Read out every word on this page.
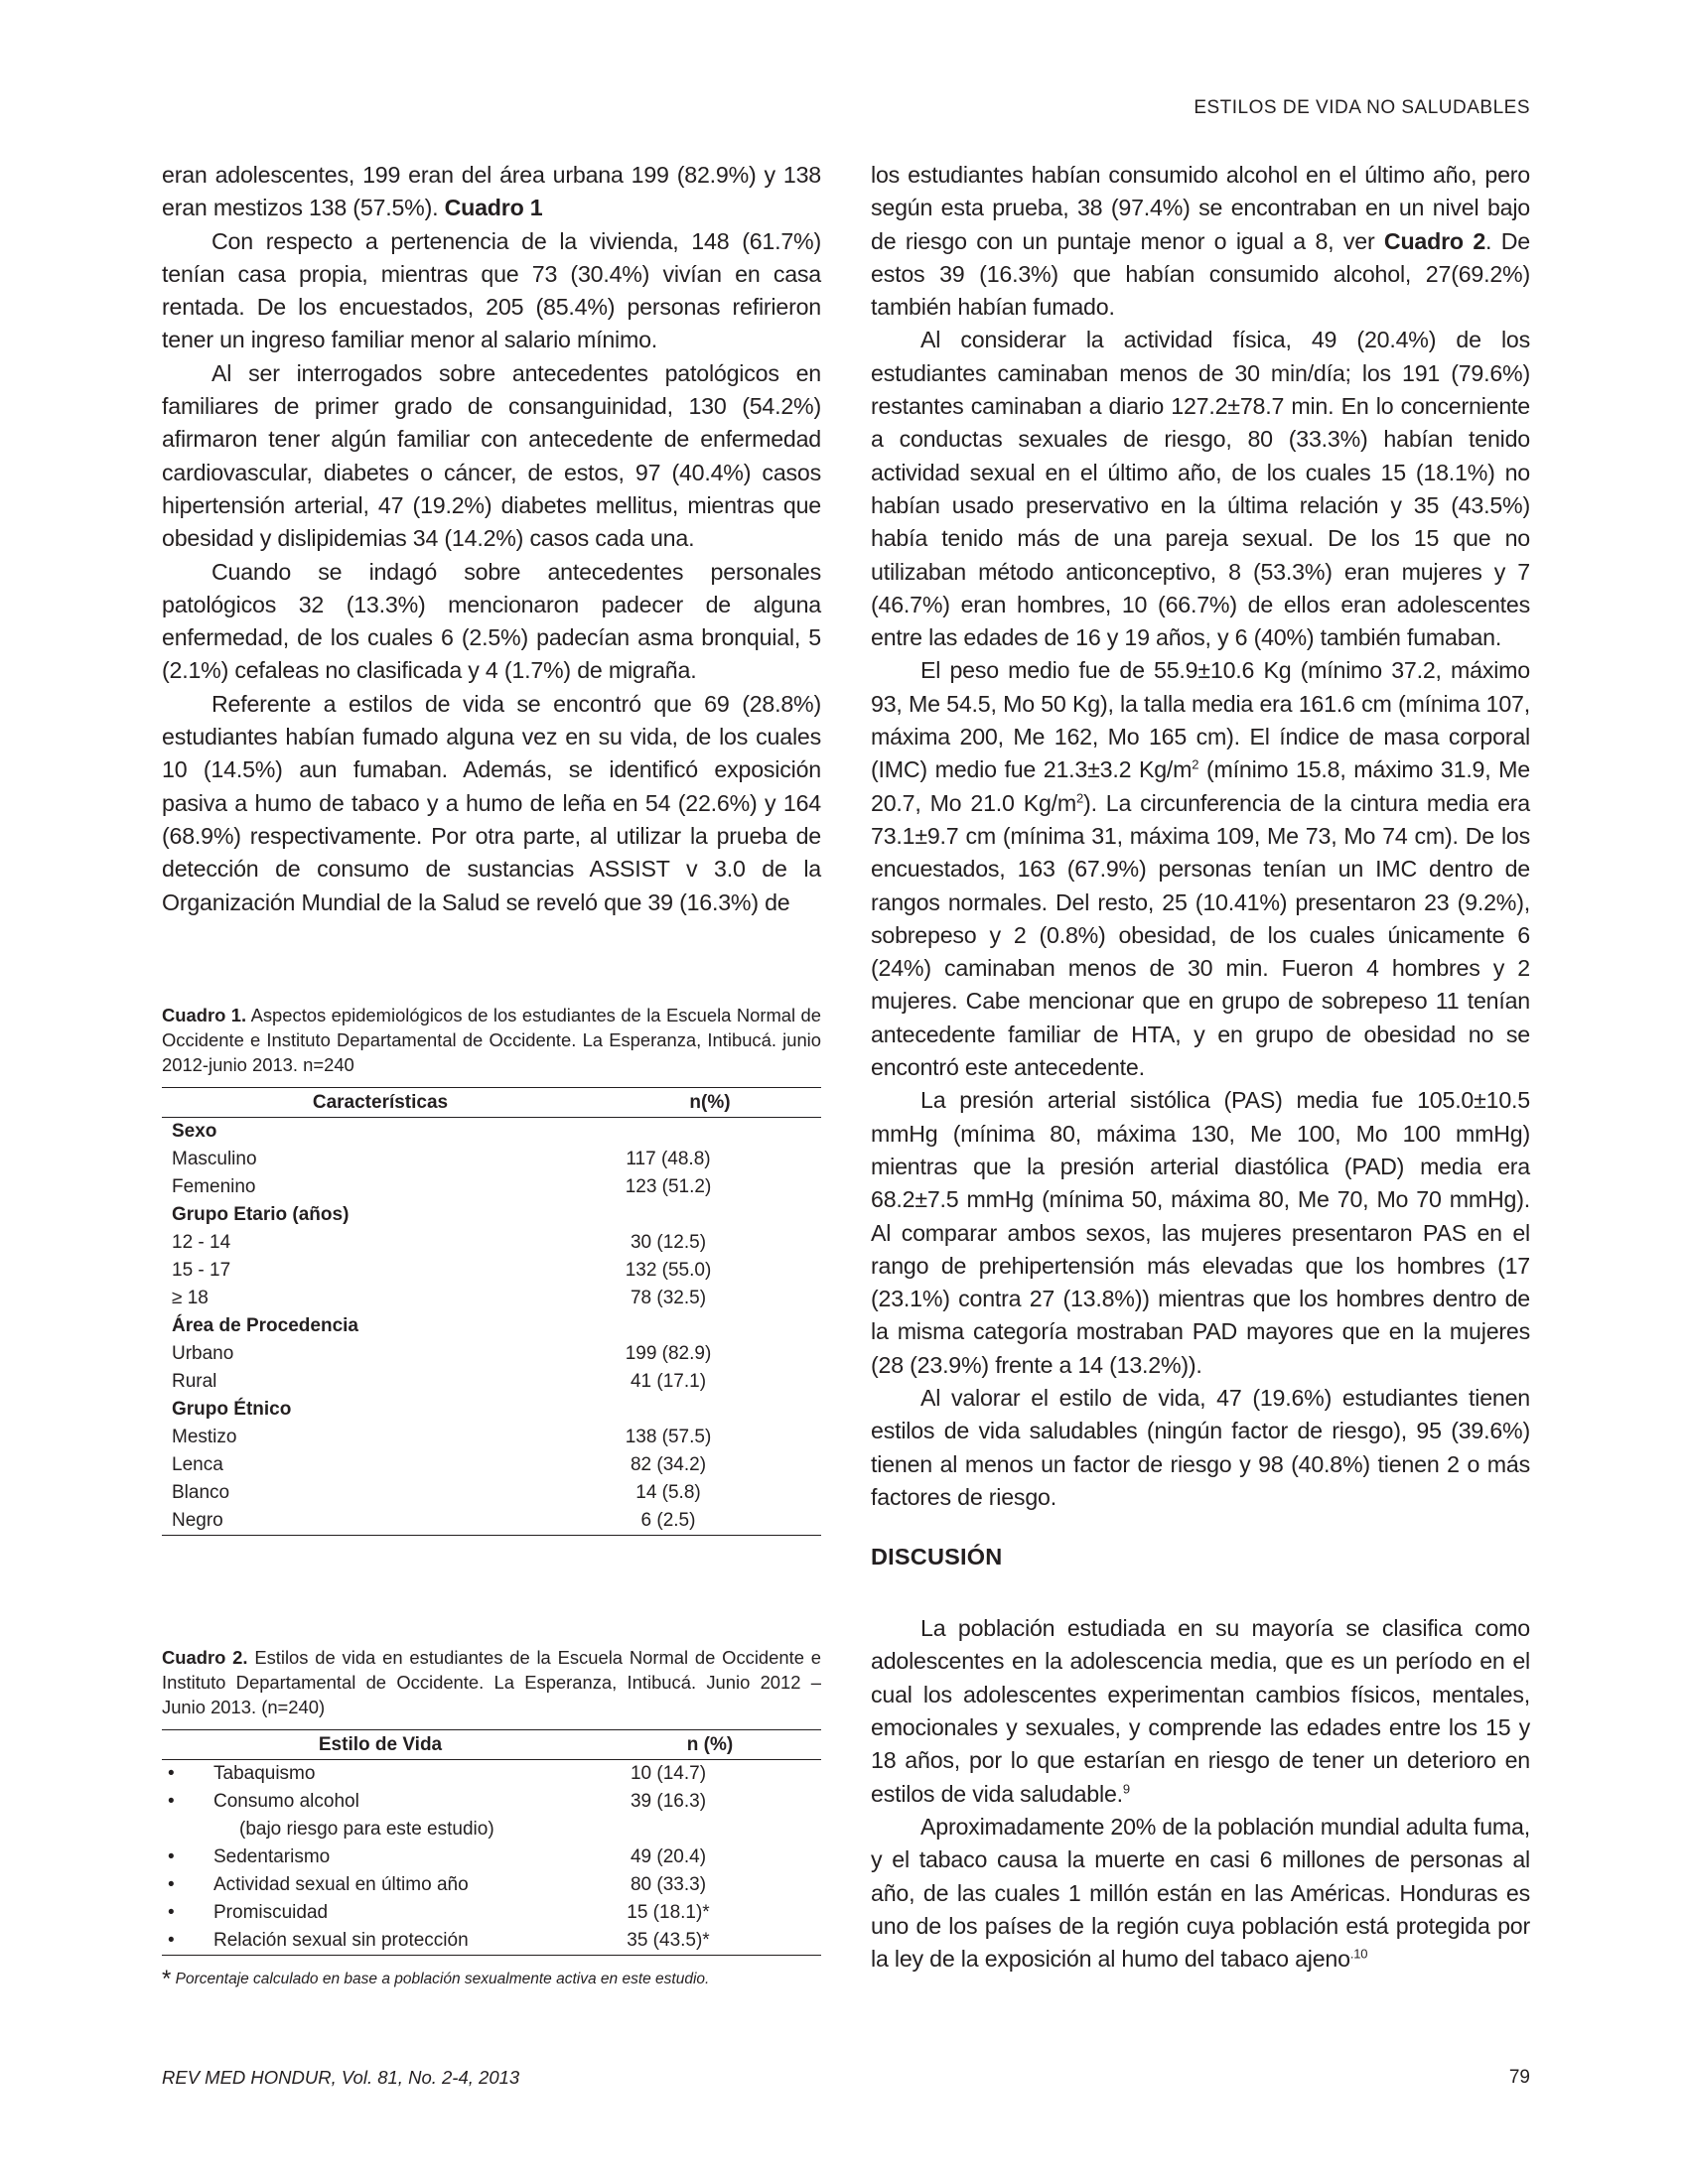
ESTILOS DE VIDA NO SALUDABLES

eran adolescentes, 199 eran del área urbana 199 (82.9%) y 138 eran mestizos 138 (57.5%). Cuadro 1

Con respecto a pertenencia de la vivienda, 148 (61.7%) tenían casa propia, mientras que 73 (30.4%) vivían en casa rentada. De los encuestados, 205 (85.4%) personas refirieron tener un ingreso familiar menor al salario mínimo.

Al ser interrogados sobre antecedentes patológicos en familiares de primer grado de consanguinidad, 130 (54.2%) afirmaron tener algún familiar con antecedente de enfermedad cardiovascular, diabetes o cáncer, de estos, 97 (40.4%) casos hipertensión arterial, 47 (19.2%) diabetes mellitus, mientras que obesidad y dislipidemias 34 (14.2%) casos cada una.

Cuando se indagó sobre antecedentes personales patológicos 32 (13.3%) mencionaron padecer de alguna enfermedad, de los cuales 6 (2.5%) padecían asma bronquial, 5 (2.1%) cefaleas no clasificada y 4 (1.7%) de migraña.

Referente a estilos de vida se encontró que 69 (28.8%) estudiantes habían fumado alguna vez en su vida, de los cuales 10 (14.5%) aun fumaban. Además, se identificó exposición pasiva a humo de tabaco y a humo de leña en 54 (22.6%) y 164 (68.9%) respectivamente. Por otra parte, al utilizar la prueba de detección de consumo de sustancias ASSIST v 3.0 de la Organización Mundial de la Salud se reveló que 39 (16.3%) de

Cuadro 1. Aspectos epidemiológicos de los estudiantes de la Escuela Normal de Occidente e Instituto Departamental de Occidente. La Esperanza, Intibucá. junio 2012-junio 2013. n=240

Características	n(%)
Sexo	
Masculino	117 (48.8)
Femenino	123 (51.2)
Grupo Etario (años)	
12 - 14	30 (12.5)
15 - 17	132 (55.0)
≥ 18	78 (32.5)
Área de Procedencia	
Urbano	199 (82.9)
Rural	41 (17.1)
Grupo Étnico	
Mestizo	138 (57.5)
Lenca	82 (34.2)
Blanco	14 (5.8)
Negro	6 (2.5)

Cuadro 2. Estilos de vida en estudiantes de la Escuela Normal de Occidente e Instituto Departamental de Occidente. La Esperanza, Intibucá. Junio 2012 – Junio 2013. (n=240)

Estilo de Vida		n (%)
•	Tabaquismo	10 (14.7)
•	Consumo alcohol	39 (16.3)
	(bajo riesgo para este estudio)	
•	Sedentarismo	49 (20.4)
•	Actividad sexual en último año	80 (33.3)
•	Promiscuidad	15 (18.1)*
•	Relación sexual sin protección	35 (43.5)*
* Porcentaje calculado en base a población sexualmente activa en este estudio.

los estudiantes habían consumido alcohol en el último año, pero según esta prueba, 38 (97.4%) se encontraban en un nivel bajo de riesgo con un puntaje menor o igual a 8, ver Cuadro 2. De estos 39 (16.3%) que habían consumido alcohol, 27(69.2%) también habían fumado.

Al considerar la actividad física, 49 (20.4%) de los estudiantes caminaban menos de 30 min/día; los 191 (79.6%) restantes caminaban a diario 127.2±78.7 min. En lo concerniente a conductas sexuales de riesgo, 80 (33.3%) habían tenido actividad sexual en el último año, de los cuales 15 (18.1%) no habían usado preservativo en la última relación y 35 (43.5%) había tenido más de una pareja sexual. De los 15 que no utilizaban método anticonceptivo, 8 (53.3%) eran mujeres y 7 (46.7%) eran hombres, 10 (66.7%) de ellos eran adolescentes entre las edades de 16 y 19 años, y 6 (40%) también fumaban.

El peso medio fue de 55.9±10.6 Kg (mínimo 37.2, máximo 93, Me 54.5, Mo 50 Kg), la talla media era 161.6 cm (mínima 107, máxima 200, Me 162, Mo 165 cm). El índice de masa corporal (IMC) medio fue 21.3±3.2 $Kg/m^2$ (mínimo 15.8, máximo 31.9, Me 20.7, Mo 21.0 $Kg/m^2$). La circunferencia de la cintura media era 73.1±9.7 cm (mínima 31, máxima 109, Me 73, Mo 74 cm). De los encuestados, 163 (67.9%) personas tenían un IMC dentro de rangos normales. Del resto, 25 (10.41%) presentaron 23 (9.2%), sobrepeso y 2 (0.8%) obesidad, de los cuales únicamente 6 (24%) caminaban menos de 30 min. Fueron 4 hombres y 2 mujeres. Cabe mencionar que en grupo de sobrepeso 11 tenían antecedente familiar de HTA, y en grupo de obesidad no se encontró este antecedente.

La presión arterial sistólica (PAS) media fue 105.0±10.5 mmHg (mínima 80, máxima 130, Me 100, Mo 100 mmHg) mientras que la presión arterial diastólica (PAD) media era 68.2±7.5 mmHg (mínima 50, máxima 80, Me 70, Mo 70 mmHg). Al comparar ambos sexos, las mujeres presentaron PAS en el rango de prehipertensión más elevadas que los hombres (17 (23.1%) contra 27 (13.8%)) mientras que los hombres dentro de la misma categoría mostraban PAD mayores que en la mujeres (28 (23.9%) frente a 14 (13.2%)).

Al valorar el estilo de vida, 47 (19.6%) estudiantes tienen estilos de vida saludables (ningún factor de riesgo), 95 (39.6%) tienen al menos un factor de riesgo y 98 (40.8%) tienen 2 o más factores de riesgo.

DISCUSIÓN

La población estudiada en su mayoría se clasifica como adolescentes en la adolescencia media, que es un período en el cual los adolescentes experimentan cambios físicos, mentales, emocionales y sexuales, y comprende las edades entre los 15 y 18 años, por lo que estarían en riesgo de tener un deterioro en estilos de vida saludable.$^9$

Aproximadamente 20% de la población mundial adulta fuma, y el tabaco causa la muerte en casi 6 millones de personas al año, de las cuales 1 millón están en las Américas. Honduras es uno de los países de la región cuya población está protegida por la ley de la exposición al humo del tabaco ajeno$^{.10}$

REV MED HONDUR, Vol. 81, No. 2-4, 2013	79
